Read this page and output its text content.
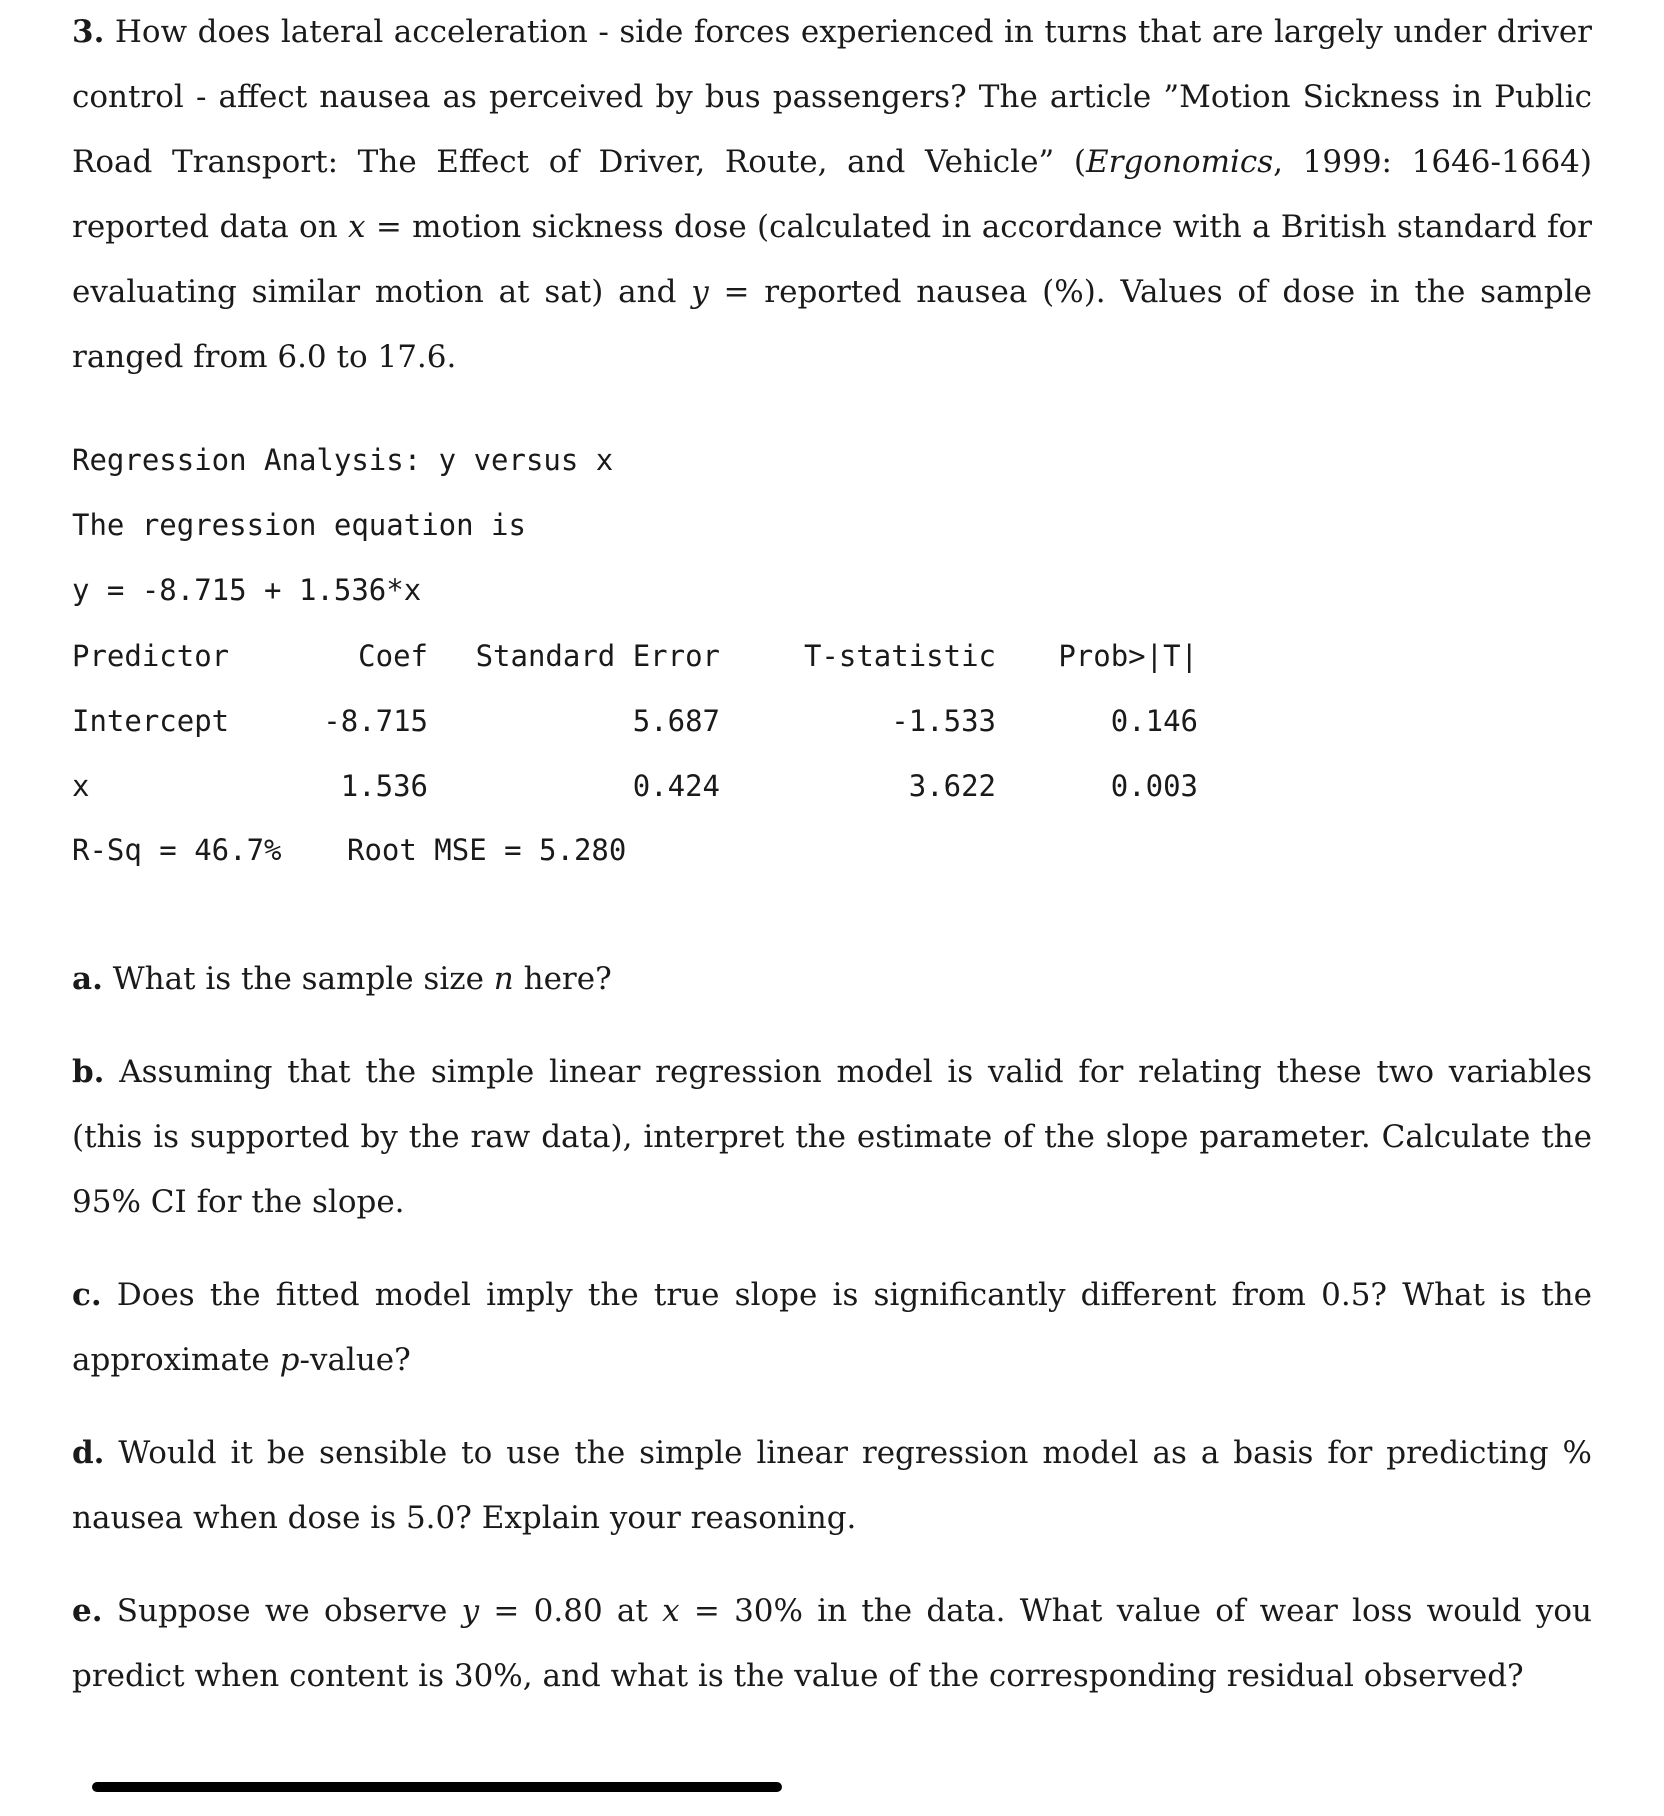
3. How does lateral acceleration - side forces experienced in turns that are largely under driver control - affect nausea as perceived by bus passengers? The article ”Motion Sickness in Public Road Transport: The Effect of Driver, Route, and Vehicle” (Ergonomics, 1999: 1646-1664) reported data on x = motion sickness dose (calculated in accordance with a British standard for evaluating similar motion at sat) and y = reported nausea (%). Values of dose in the sample ranged from 6.0 to 17.6.

Regression Analysis: y versus x
The regression equation is
y = -8.715 + 1.536*x
Predictor	Coef	Standard Error	T-statistic	Prob>|T|
Intercept	-8.715	5.687	-1.533	0.146
x	1.536	0.424	3.622	0.003
R-Sq = 46.7% Root MSE = 5.280

a. What is the sample size n here?

b. Assuming that the simple linear regression model is valid for relating these two variables (this is supported by the raw data), interpret the estimate of the slope parameter. Calculate the 95% CI for the slope.

c. Does the fitted model imply the true slope is significantly different from 0.5? What is the approximate p-value?

d. Would it be sensible to use the simple linear regression model as a basis for predicting % nausea when dose is 5.0? Explain your reasoning.

e. Suppose we observe y = 0.80 at x = 30% in the data. What value of wear loss would you predict when content is 30%, and what is the value of the corresponding residual observed?
